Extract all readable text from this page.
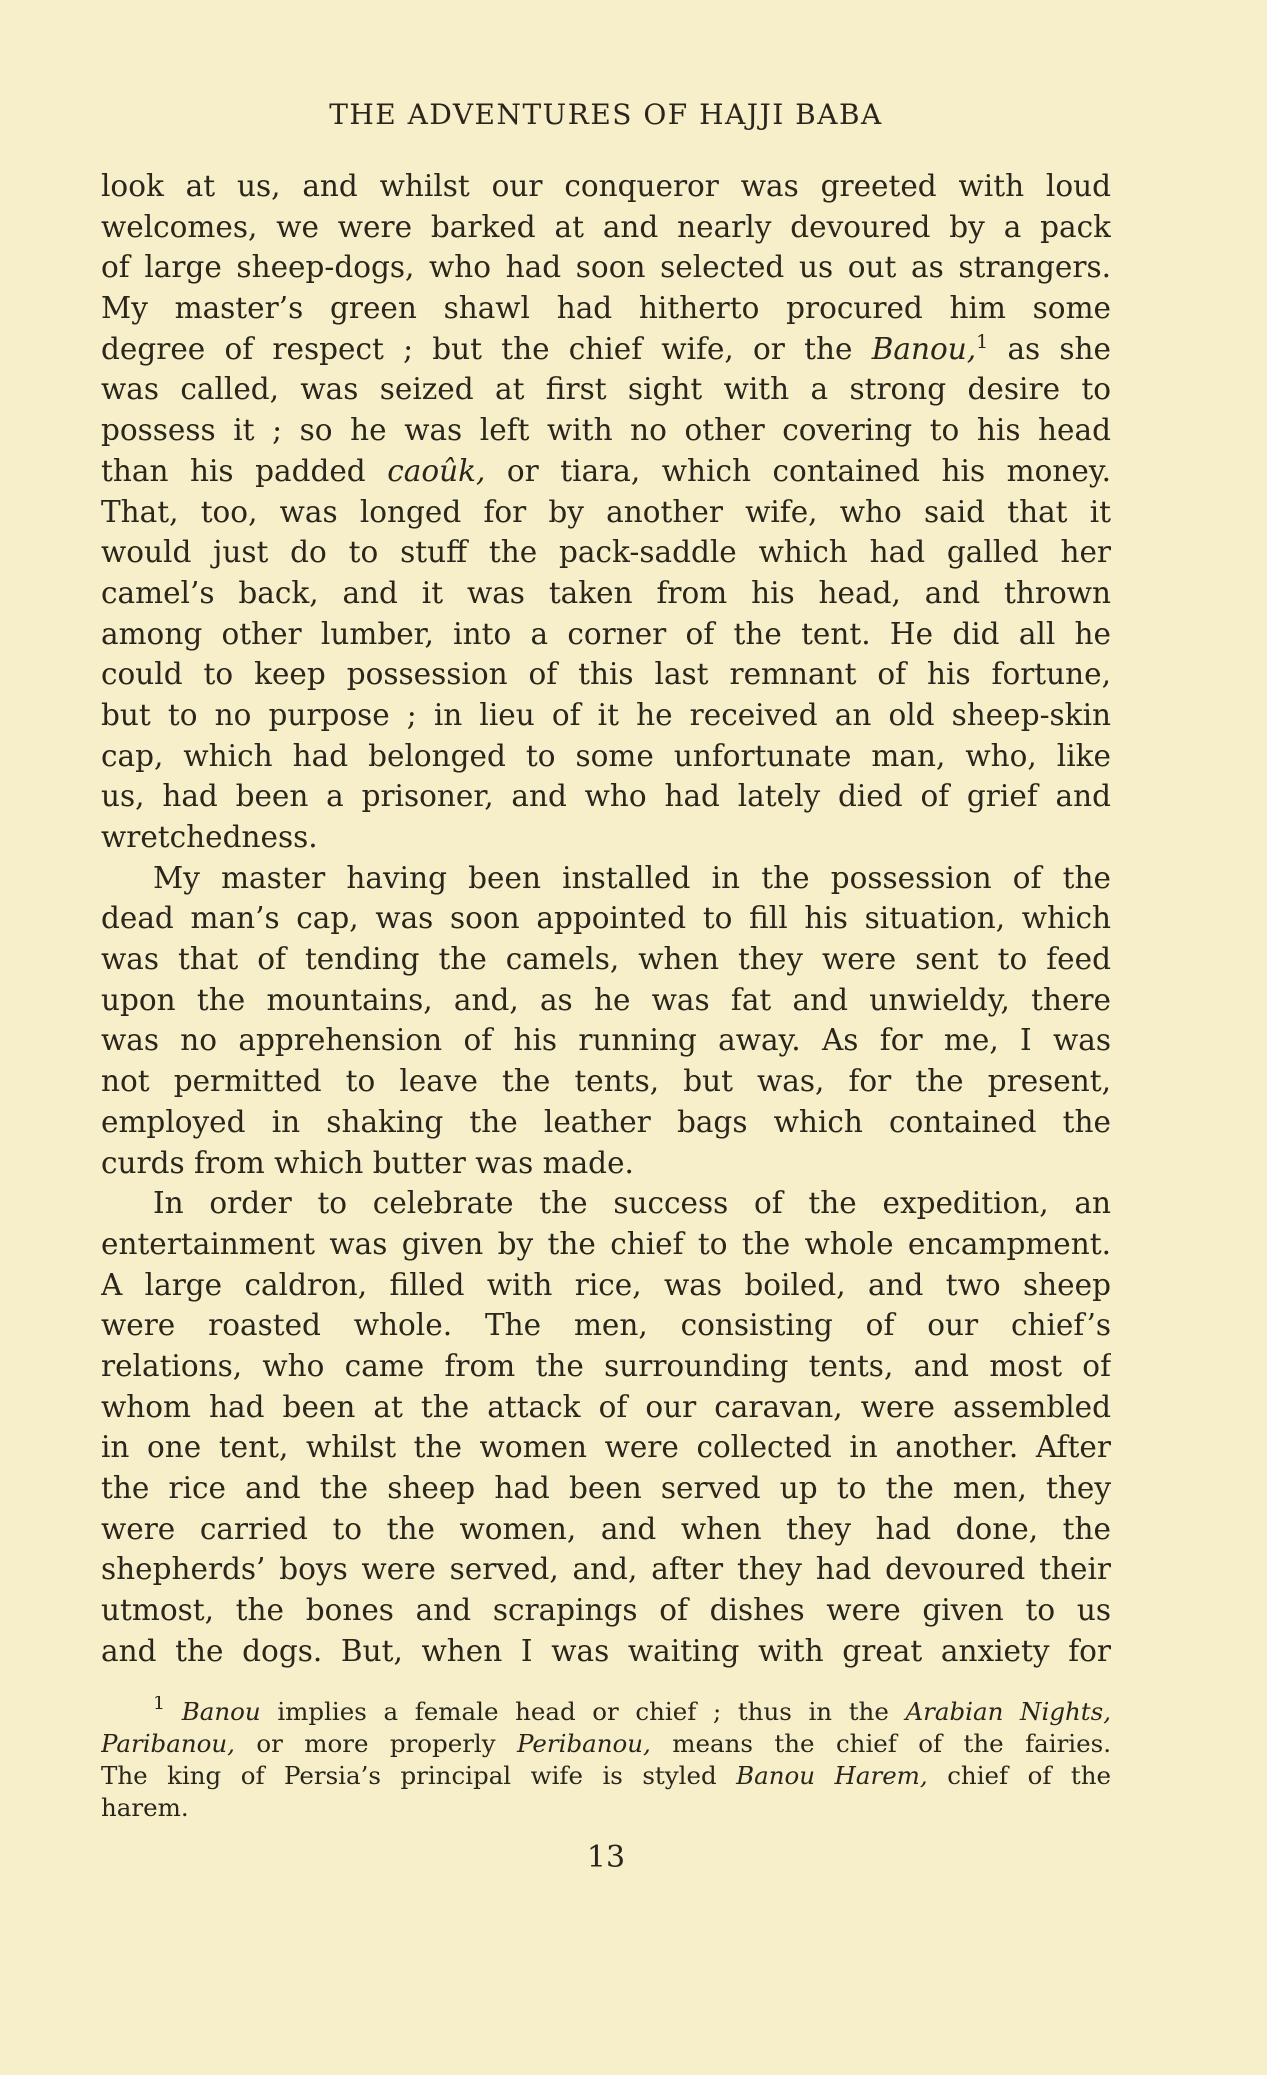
THE ADVENTURES OF HAJJI BABA
look at us, and whilst our conqueror was greeted with loud
welcomes, we were barked at and nearly devoured by a pack
of large sheep-dogs, who had soon selected us out as strangers.
My master’s green shawl had hitherto procured him some
degree of respect ; but the chief wife, or the Banou,$^1$ as she
was called, was seized at first sight with a strong desire to
possess it ; so he was left with no other covering to his head
than his padded caoûk, or tiara, which contained his money.
That, too, was longed for by another wife, who said that it
would just do to stuff the pack-saddle which had galled her
camel’s back, and it was taken from his head, and thrown
among other lumber, into a corner of the tent. He did all he
could to keep possession of this last remnant of his fortune,
but to no purpose ; in lieu of it he received an old sheep-skin
cap, which had belonged to some unfortunate man, who, like
us, had been a prisoner, and who had lately died of grief and
wretchedness.
My master having been installed in the possession of the
dead man’s cap, was soon appointed to fill his situation, which
was that of tending the camels, when they were sent to feed
upon the mountains, and, as he was fat and unwieldy, there
was no apprehension of his running away. As for me, I was
not permitted to leave the tents, but was, for the present,
employed in shaking the leather bags which contained the
curds from which butter was made.
In order to celebrate the success of the expedition, an
entertainment was given by the chief to the whole encampment.
A large caldron, filled with rice, was boiled, and two sheep
were roasted whole. The men, consisting of our chief’s
relations, who came from the surrounding tents, and most of
whom had been at the attack of our caravan, were assembled
in one tent, whilst the women were collected in another. After
the rice and the sheep had been served up to the men, they
were carried to the women, and when they had done, the
shepherds’ boys were served, and, after they had devoured their
utmost, the bones and scrapings of dishes were given to us
and the dogs. But, when I was waiting with great anxiety for
$^1$ Banou implies a female head or chief ; thus in the Arabian Nights,
Paribanou, or more properly Peribanou, means the chief of the fairies.
The king of Persia’s principal wife is styled Banou Harem, chief of the
harem.
13
